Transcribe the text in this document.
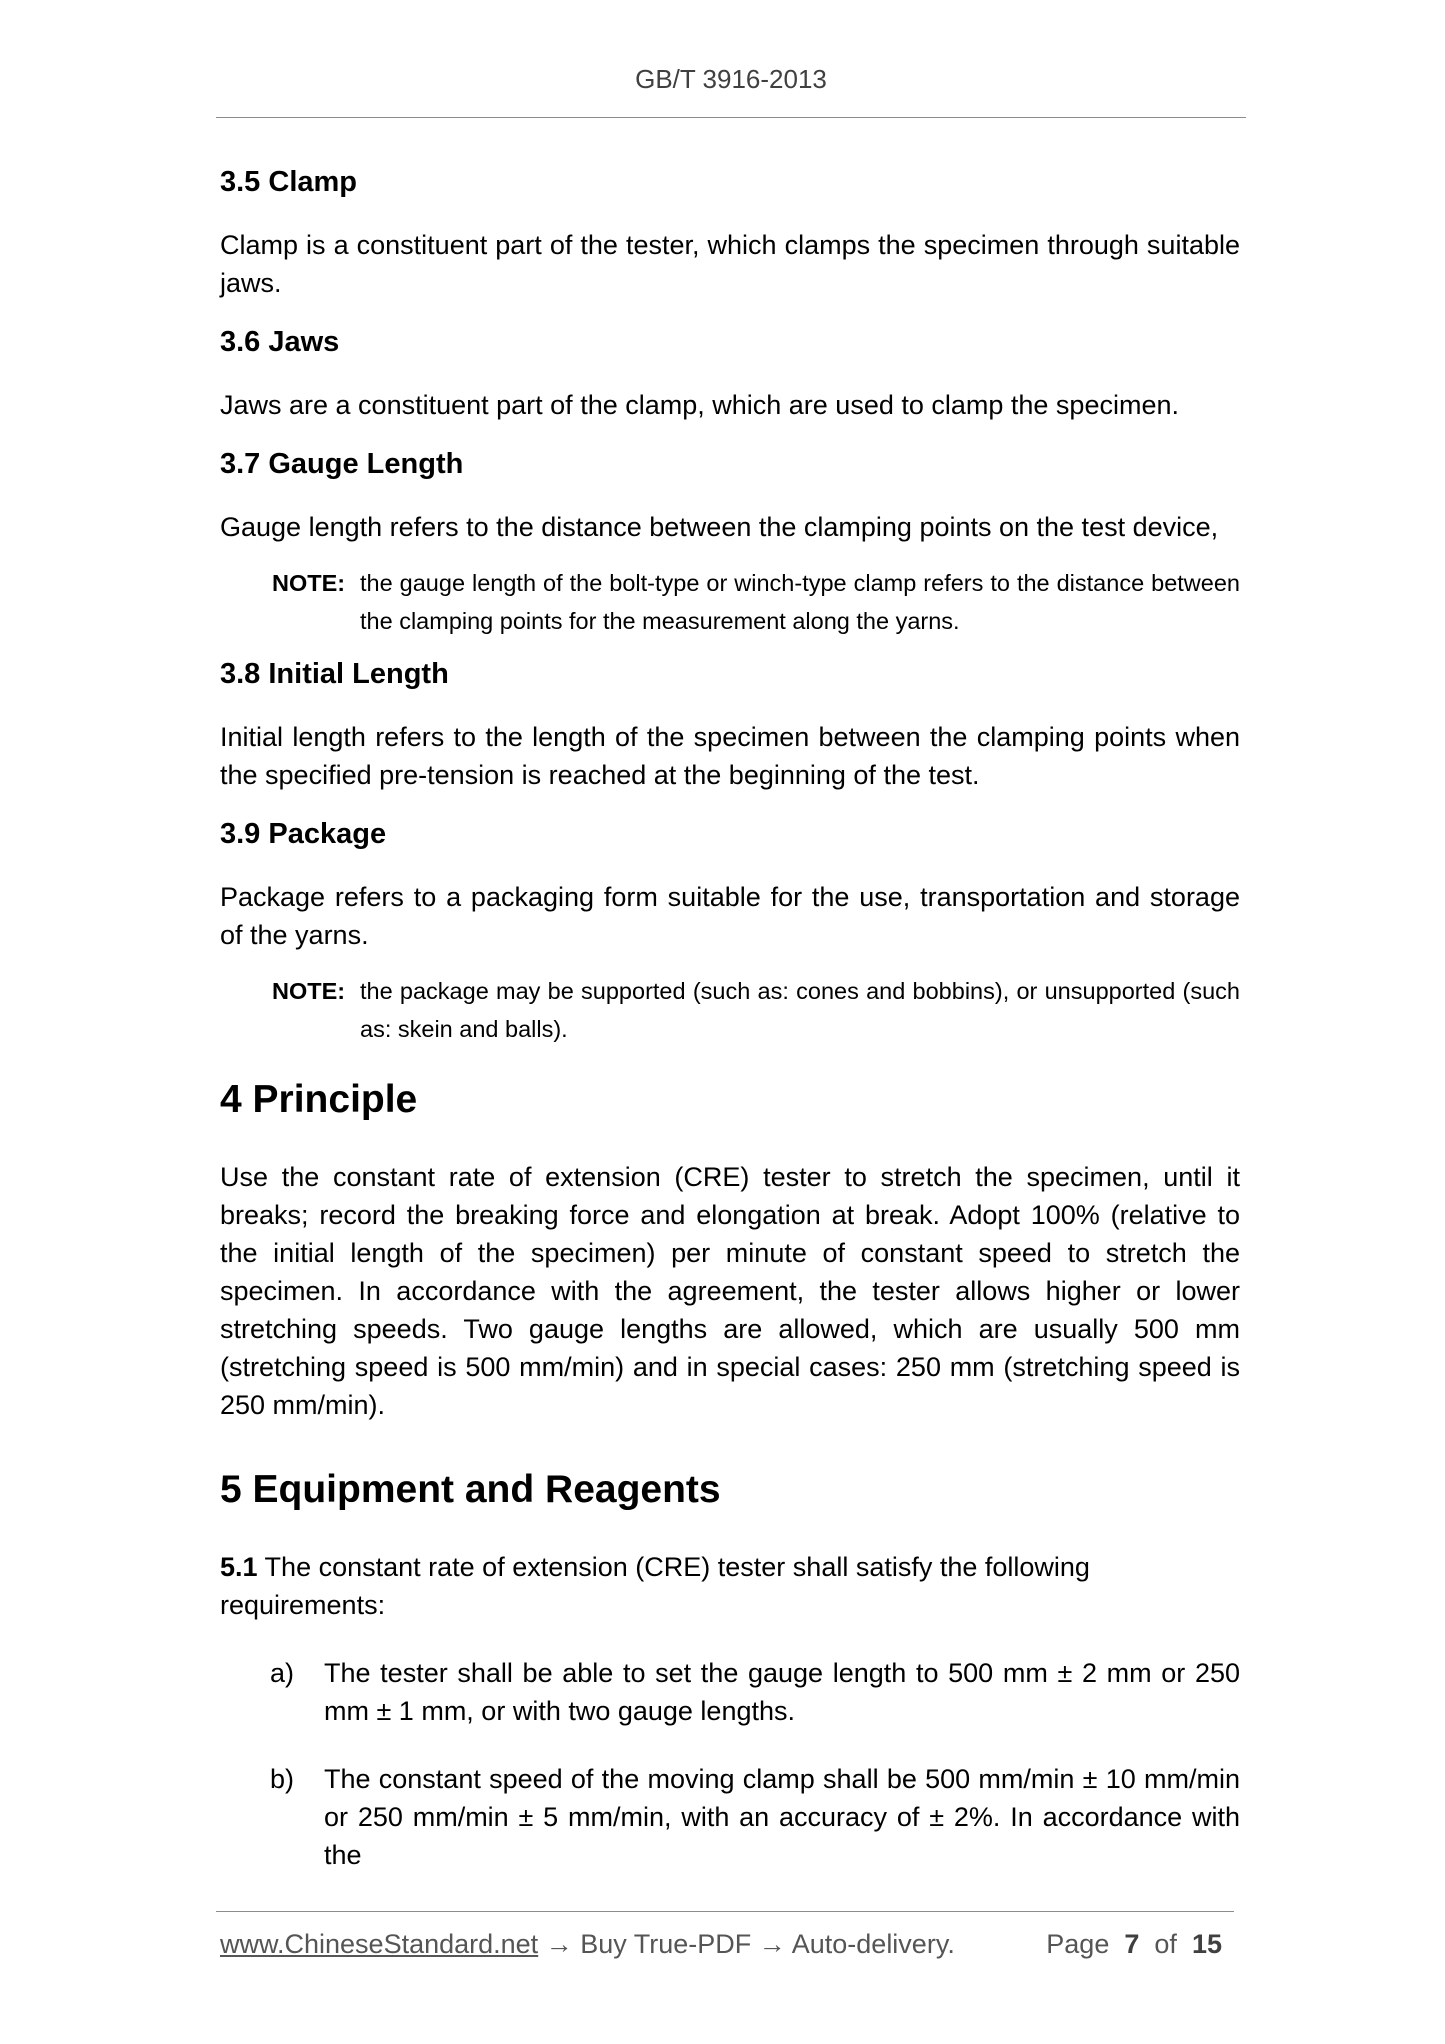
GB/T 3916-2013
3.5 Clamp

Clamp is a constituent part of the tester, which clamps the specimen through suitable jaws.

3.6 Jaws

Jaws are a constituent part of the clamp, which are used to clamp the specimen.

3.7 Gauge Length

Gauge length refers to the distance between the clamping points on the test device,

NOTE: the gauge length of the bolt-type or winch-type clamp refers to the distance between the clamping points for the measurement along the yarns.
3.8 Initial Length

Initial length refers to the length of the specimen between the clamping points when the specified pre-tension is reached at the beginning of the test.

3.9 Package

Package refers to a packaging form suitable for the use, transportation and storage of the yarns.

NOTE: the package may be supported (such as: cones and bobbins), or unsupported (such as: skein and balls).
4 Principle

Use the constant rate of extension (CRE) tester to stretch the specimen, until it breaks; record the breaking force and elongation at break. Adopt 100% (relative to the initial length of the specimen) per minute of constant speed to stretch the specimen. In accordance with the agreement, the tester allows higher or lower stretching speeds. Two gauge lengths are allowed, which are usually 500 mm (stretching speed is 500 mm/min) and in special cases: 250 mm (stretching speed is 250 mm/min).

5 Equipment and Reagents

5.1 The constant rate of extension (CRE) tester shall satisfy the following requirements:

a)	The tester shall be able to set the gauge length to 500 mm ± 2 mm or 250 mm ± 1 mm, or with two gauge lengths.
b)	The constant speed of the moving clamp shall be 500 mm/min ± 10 mm/min or 250 mm/min ± 5 mm/min, with an accuracy of ± 2%. In accordance with the
www.ChineseStandard.net → Buy True-PDF → Auto-delivery.	Page 7 of 15
